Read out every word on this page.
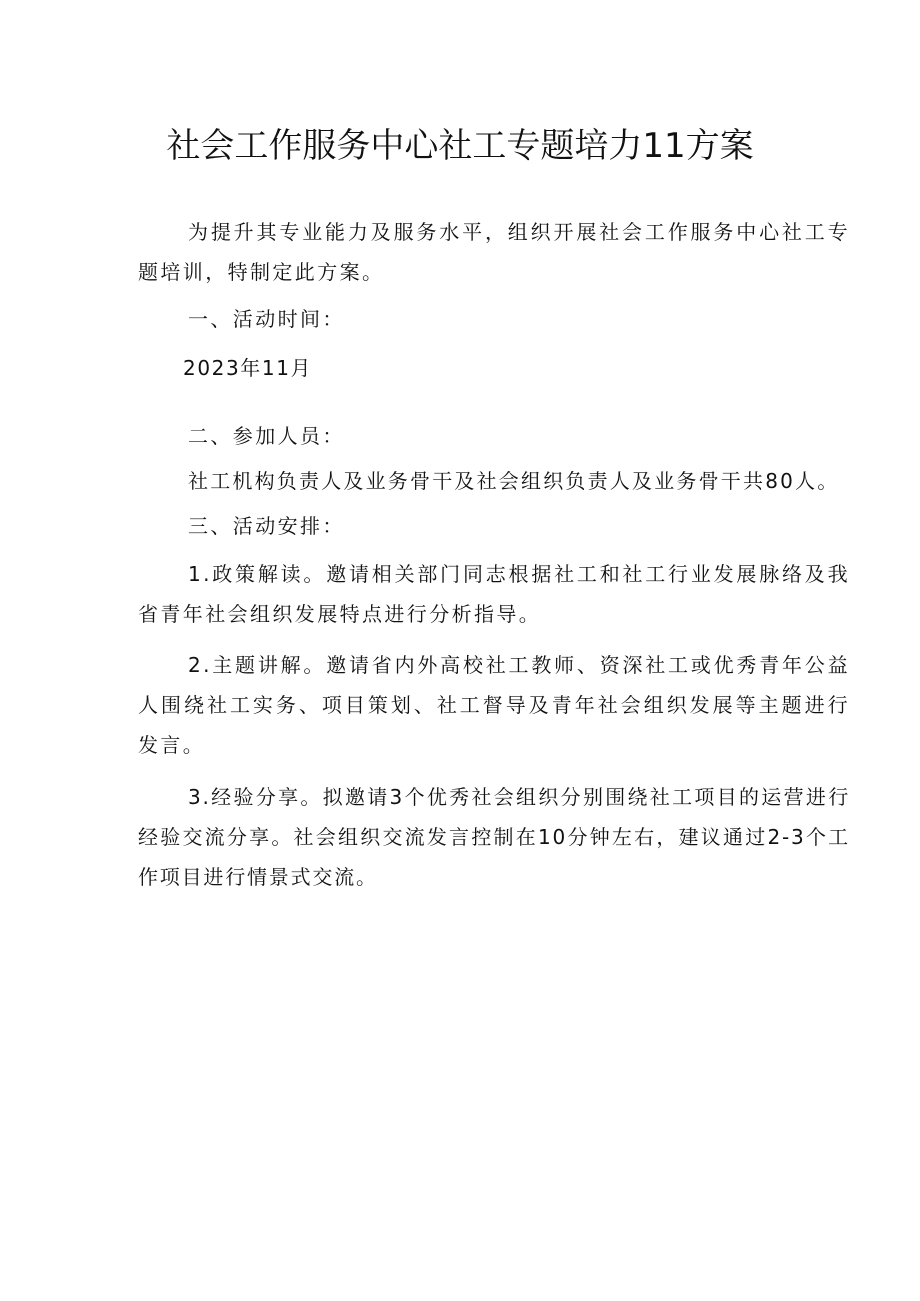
社会工作服务中心社工专题培力11方案
为提升其专业能力及服务水平，组织开展社会工作服务中心社工专题培训，特制定此方案。
一、活动时间：
2023年11月
二、参加人员：
社工机构负责人及业务骨干及社会组织负责人及业务骨干共80人。
三、活动安排：
1.政策解读。邀请相关部门同志根据社工和社工行业发展脉络及我省青年社会组织发展特点进行分析指导。
2.主题讲解。邀请省内外高校社工教师、资深社工或优秀青年公益人围绕社工实务、项目策划、社工督导及青年社会组织发展等主题进行发言。
3.经验分享。拟邀请3个优秀社会组织分别围绕社工项目的运营进行经验交流分享。社会组织交流发言控制在10分钟左右，建议通过2-3个工作项目进行情景式交流。
